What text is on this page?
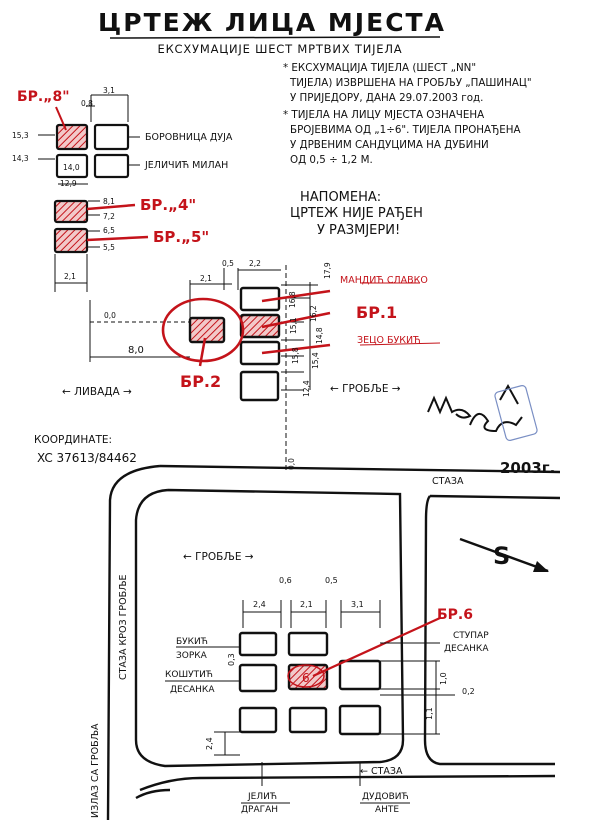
ЦРТЕЖ ЛИЦА МЈЕСТА
ЕКСХУМАЦИЈЕ ШЕСТ МРТВИХ ТИЈЕЛА
* ЕКСХУМАЦИЈА ТИЈЕЛА (ШЕСТ „NN"
ТИЈЕЛА) ИЗВРШЕНА НА ГРОБЉУ „ПАШИНАЦ"
У ПРИЈЕДОРУ, ДАНА 29.07.2003 год.
* ТИЈЕЛА НА ЛИЦУ МЈЕСТА ОЗНАЧЕНА
БРОЈЕВИМА ОД „1÷6". ТИЈЕЛА ПРОНАЂЕНА
У ДРВЕНИМ САНДУЦИМА НА ДУБИНИ
ОД 0,5 ÷ 1,2 М.
НАПОМЕНА:
ЦРТЕЖ НИЈЕ РАЂЕН
У РАЗМЈЕРИ!
3,1
0,8
15,3
14,3
14,0
12,9
8,1
7,2
6,5
5,5
2,1
БОРОВНИЦА ДУЈА
ЈЕЛИЧИЋ МИЛАН
БР.„8"
БР.„4"
БР.„5"
БР.1
БР.2
МАНДИЋ СЛАВКО
ЗЕЦО БУКИЋ
0,0
8,0
2,1
0,5 2,2	17,9
16,8
16,2
15,1
14,8
15,8 15,4
12,4
0,0
← ЛИВАДА →	← ГРОБЉЕ →
2003г.
КООРДИНАТЕ:
XC 37613/84462
СТАЗА
← СТАЗА
СТАЗА КРОЗ ГРОБЉЕ
ИЗЛАЗ СА ГРОБЉА
← ГРОБЉЕ →	S
6
БР.6
2,4
0,6
2,1
0,5
3,1
0,3
1,0
0,2
1,1
2,4
БУКИЋ
ЗОРКА
КОШУТИЋ
ДЕСАНКА
СТУПАР
ДЕСАНКА
ЈЕЛИЋ
ДРАГАН
ДУДОВИЋ
АНТЕ
